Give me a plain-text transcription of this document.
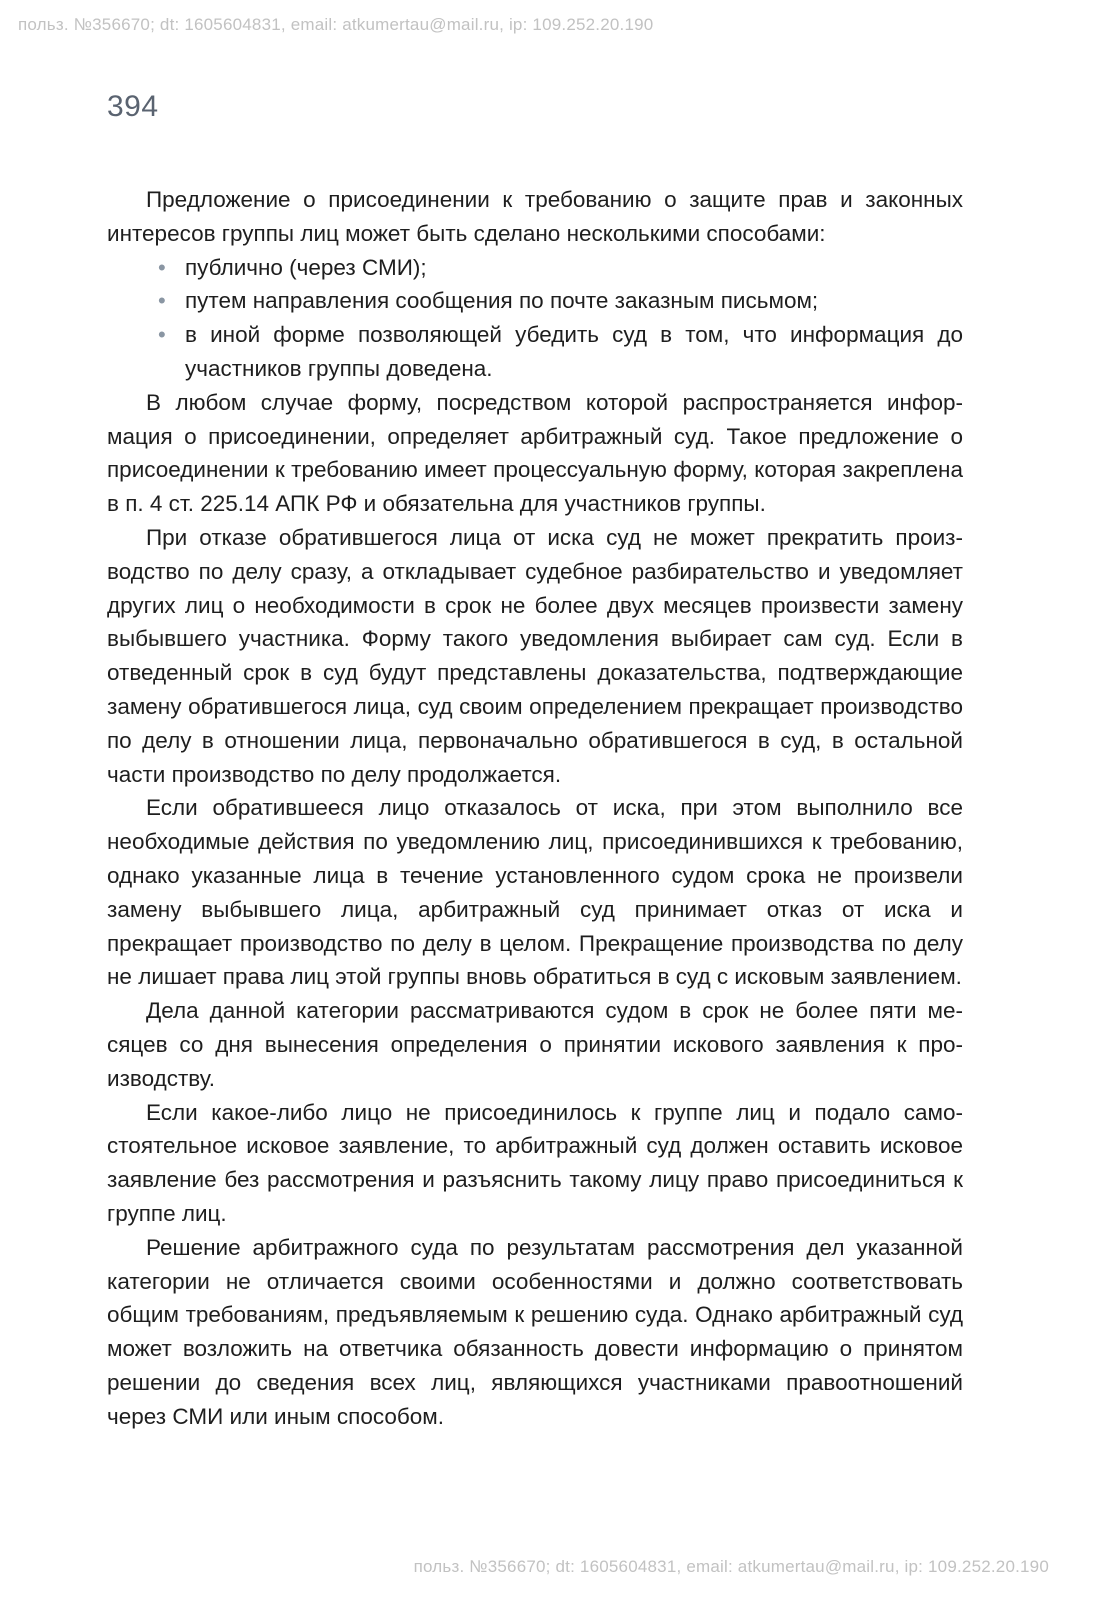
польз. №356670; dt: 1605604831, email: atkumertau@mail.ru, ip: 109.252.20.190
394

Предложение о присоединении к требованию о защите прав и законных интересов группы лиц может быть сделано несколькими способами:

• публично (через СМИ);
• путем направления сообщения по почте заказным письмом;
• в иной форме позволяющей убедить суд в том, что информация до участников группы доведена.

В любом случае форму, посредством которой распространяется информация о присоединении, определяет арбитражный суд. Такое предложение о присоединении к требованию имеет процессуальную форму, которая закреплена в п. 4 ст. 225.14 АПК РФ и обязательна для участников группы.

При отказе обратившегося лица от иска суд не может прекратить производство по делу сразу, а откладывает судебное разбирательство и уведомляет других лиц о необходимости в срок не более двух месяцев произвести замену выбывшего участника. Форму такого уведомления выбирает сам суд. Если в отведенный срок в суд будут представлены доказательства, подтверждающие замену обратившегося лица, суд своим определением прекращает производство по делу в отношении лица, первоначально обратившегося в суд, в остальной части производство по делу продолжается.

Если обратившееся лицо отказалось от иска, при этом выполнило все необходимые действия по уведомлению лиц, присоединившихся к требованию, однако указанные лица в течение установленного судом срока не произвели замену выбывшего лица, арбитражный суд принимает отказ от иска и прекращает производство по делу в целом. Прекращение производства по делу не лишает права лиц этой группы вновь обратиться в суд с исковым заявлением.

Дела данной категории рассматриваются судом в срок не более пяти месяцев со дня вынесения определения о принятии искового заявления к производству.

Если какое-либо лицо не присоединилось к группе лиц и подало самостоятельное исковое заявление, то арбитражный суд должен оставить исковое заявление без рассмотрения и разъяснить такому лицу право присоединиться к группе лиц.

Решение арбитражного суда по результатам рассмотрения дел указанной категории не отличается своими особенностями и должно соответствовать общим требованиям, предъявляемым к решению суда. Однако арбитражный суд может возложить на ответчика обязанность довести информацию о принятом решении до сведения всех лиц, являющихся участниками правоотношений через СМИ или иным способом.

польз. №356670; dt: 1605604831, email: atkumertau@mail.ru, ip: 109.252.20.190
